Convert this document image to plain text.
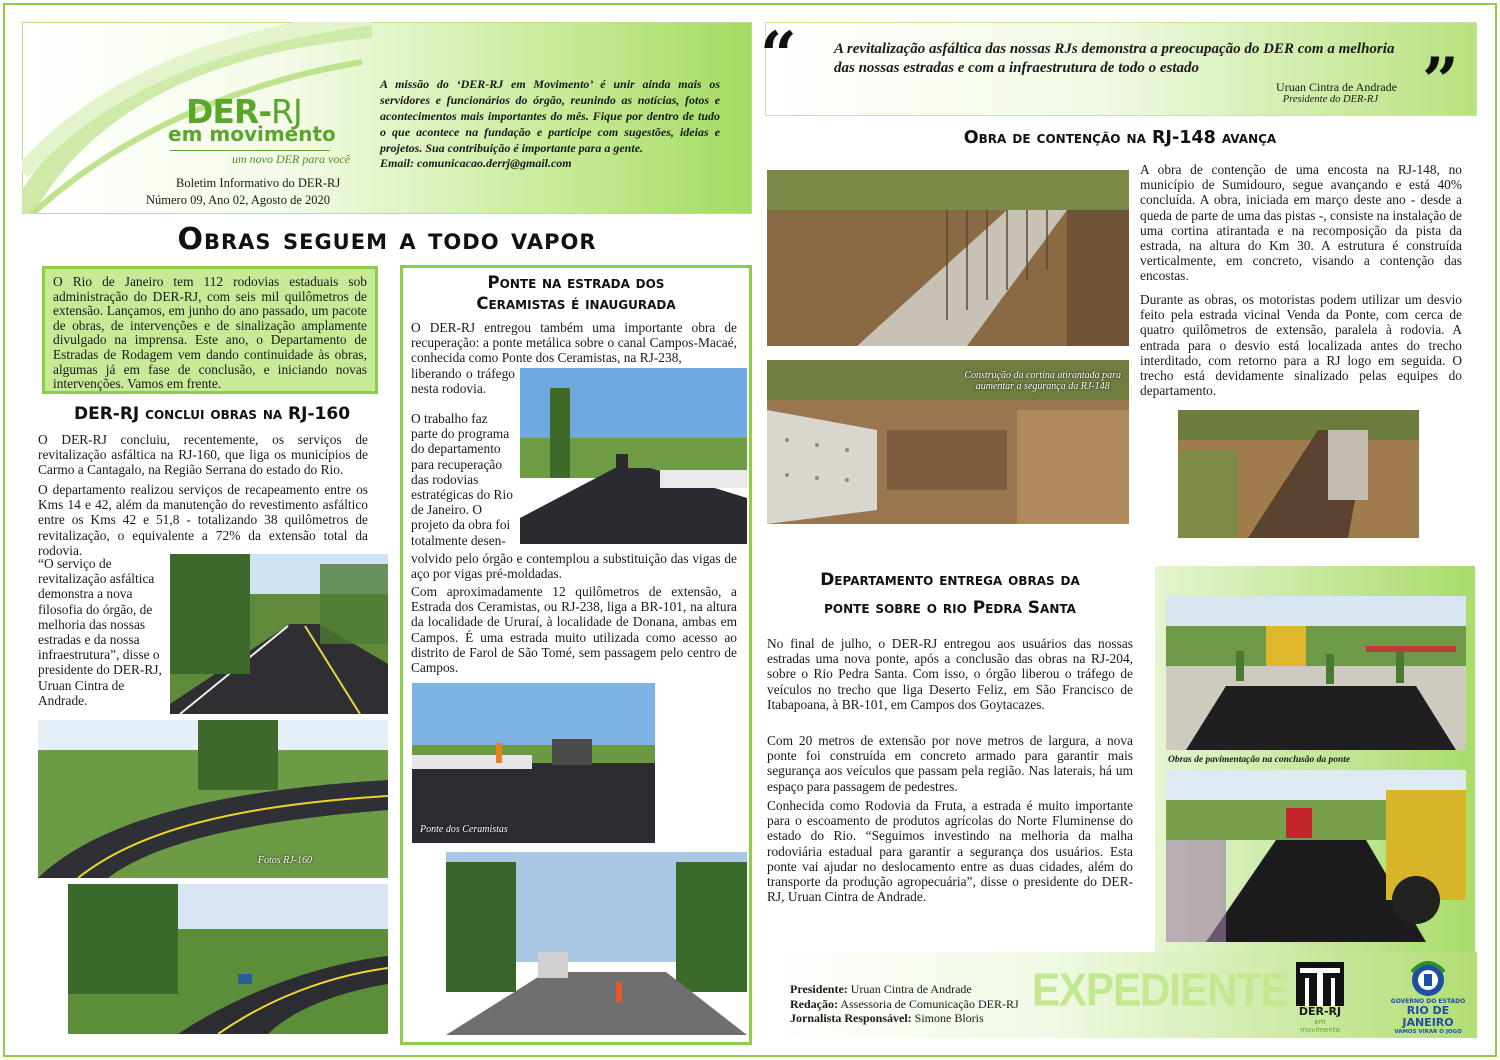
DER-RJ
em movimento
um novo DER para você
Boletim Informativo do DER-RJ
Número 09, Ano 02, Agosto de 2020
A missão do ‘DER-RJ em Movimento’ é unir ainda mais os servidores e funcionários do órgão, reunindo as notícias, fotos e acontecimentos mais importantes do mês. Fique por dentro de tudo o que acontece na fundação e participe com sugestões, ideias e projetos. Sua contribuição é importante para a gente.
Email: comunicacao.derrj@gmail.com
Obras seguem a todo vapor
O Rio de Janeiro tem 112 rodovias estaduais sob administração do DER-RJ, com seis mil quilômetros de extensão. Lançamos, em junho do ano passado, um pacote de obras, de intervenções e de sinalização amplamente divulgado na imprensa. Este ano, o Departamento de Estradas de Rodagem vem dando continuidade às obras, algumas já em fase de conclusão, e iniciando novas intervenções. Vamos em frente.
DER-RJ conclui obras na RJ-160
O DER-RJ concluiu, recentemente, os serviços de revitalização asfáltica na RJ-160, que liga os municípios de Carmo a Cantagalo, na Região Serrana do estado do Rio.
O departamento realizou serviços de recapeamento entre os Kms 14 e 42, além da manutenção do revestimento asfáltico entre os Kms 42 e 51,8 - totalizando 38 quilômetros de revitalização, o equivalente a 72% da extensão total da rodovia.
“O serviço de revitalização asfáltica demonstra a nova filosofia do órgão, de melhoria das nossas estradas e da nossa infraestrutura”, disse o presidente do DER-RJ, Uruan Cintra de Andrade.
Fotos RJ-160
Ponte na estrada dos
Ceramistas é inaugurada
O DER-RJ entregou também uma importante obra de recuperação: a ponte metálica sobre o canal Campos-Macaé, conhecida como Ponte dos Ceramistas, na RJ-238,
liberando o tráfego nesta rodovia.
O trabalho faz parte do programa do departamento para recuperação das rodovias estratégicas do Rio de Janeiro. O projeto da obra foi totalmente desen-
volvido pelo órgão e contemplou a substituição das vigas de aço por vigas pré-moldadas.
Com aproximadamente 12 quilômetros de extensão, a Estrada dos Ceramistas, ou RJ-238, liga a BR-101, na altura da localidade de Ururaí, à localidade de Donana, ambas em Campos. É uma estrada muito utilizada como acesso ao distrito de Farol de São Tomé, sem passagem pelo centro de Campos.
Ponte dos Ceramistas
“	”
A revitalização asfáltica das nossas RJs demonstra a preocupação do DER com a melhoria das nossas estradas e com a infraestrutura de todo o estado
Uruan Cintra de Andrade
Presidente do DER-RJ
Obra de contenção na RJ-148 avança
Construção da cortina atirantada para
aumentar a segurança da RJ-148
A obra de contenção de uma encosta na RJ-148, no município de Sumidouro, segue avançando e está 40% concluída. A obra, iniciada em março deste ano - desde a queda de parte de uma das pistas -, consiste na instalação de uma cortina atirantada e na recomposição da pista da estrada, na altura do Km 30. A estrutura é construída verticalmente, em concreto, visando a contenção das encostas.
Durante as obras, os motoristas podem utilizar um desvio feito pela estrada vicinal Venda da Ponte, com cerca de quatro quilômetros de extensão, paralela à rodovia. A entrada para o desvio está localizada antes do trecho interditado, com retorno para a RJ logo em seguida. O trecho está devidamente sinalizado pelas equipes do departamento.
Departamento entrega obras da
ponte sobre o rio Pedra Santa
No final de julho, o DER-RJ entregou aos usuários das nossas estradas uma nova ponte, após a conclusão das obras na RJ-204, sobre o Rio Pedra Santa. Com isso, o órgão liberou o tráfego de veículos no trecho que liga Deserto Feliz, em São Francisco de Itabapoana, à BR-101, em Campos dos Goytacazes.
Com 20 metros de extensão por nove metros de largura, a nova ponte foi construída em concreto armado para garantir mais segurança aos veículos que passam pela região. Nas laterais, há um espaço para passagem de pedestres.
Conhecida como Rodovia da Fruta, a estrada é muito importante para o escoamento de produtos agrícolas do Norte Fluminense do estado do Rio. “Seguimos investindo na melhoria da malha rodoviária estadual para garantir a segurança dos usuários. Esta ponte vai ajudar no deslocamento entre as duas cidades, além do transporte da produção agropecuária”, disse o presidente do DER-RJ, Uruan Cintra de Andrade.
Obras de pavimentação na conclusão da ponte
Presidente: Uruan Cintra de Andrade
Redação: Assessoria de Comunicação DER-RJ
Jornalista Responsável: Simone Bloris
EXPEDIENTE DER-RJ
em movimento
GOVERNO DO ESTADO
RIO DE JANEIRO
VAMOS VIRAR O JOGO
